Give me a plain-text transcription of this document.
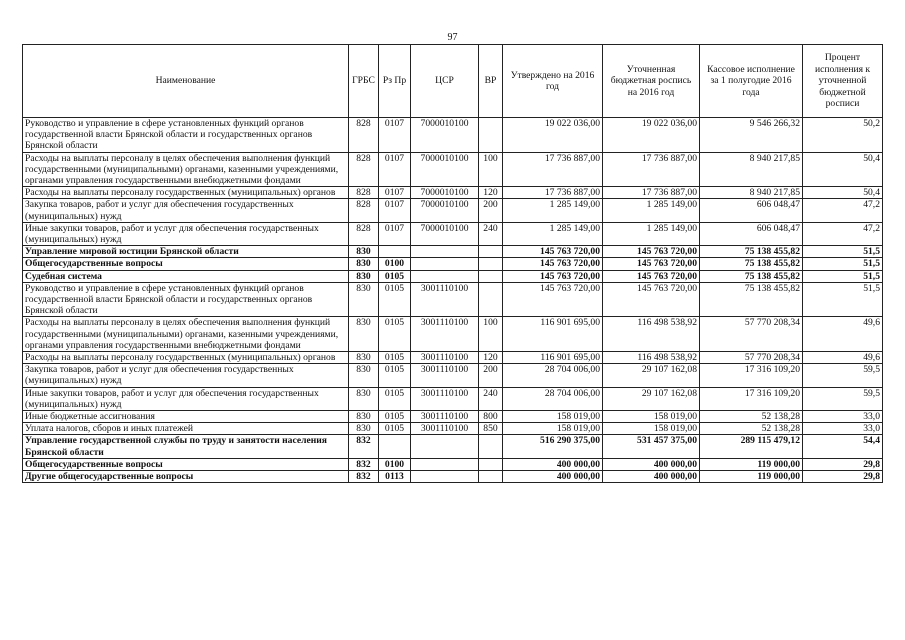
97
Наименование	ГРБС	Рз Пр	ЦСР	ВР	Утверждено на 2016 год	Уточненная бюджетная роспись на 2016 год	Кассовое исполнение за 1 полугодие 2016 года	Процент исполнения к уточненной бюджетной росписи
Руководство и управление в сфере установленных функций органов государственной власти Брянской области и государственных органов Брянской области	828	0107	7000010100		19 022 036,00	19 022 036,00	9 546 266,32	50,2
Расходы на выплаты персоналу в целях обеспечения выполнения функций государственными (муниципальными) органами, казенными учреждениями, органами управления государственными внебюджетными фондами	828	0107	7000010100	100	17 736 887,00	17 736 887,00	8 940 217,85	50,4
Расходы на выплаты персоналу государственных (муниципальных) органов	828	0107	7000010100	120	17 736 887,00	17 736 887,00	8 940 217,85	50,4
Закупка товаров, работ и услуг для обеспечения государственных (муниципальных) нужд	828	0107	7000010100	200	1 285 149,00	1 285 149,00	606 048,47	47,2
Иные закупки товаров, работ и услуг для обеспечения государственных (муниципальных) нужд	828	0107	7000010100	240	1 285 149,00	1 285 149,00	606 048,47	47,2
Управление мировой юстиции Брянской области	830				145 763 720,00	145 763 720,00	75 138 455,82	51,5
Общегосударственные вопросы	830	0100			145 763 720,00	145 763 720,00	75 138 455,82	51,5
Судебная система	830	0105			145 763 720,00	145 763 720,00	75 138 455,82	51,5
Руководство и управление в сфере установленных функций органов государственной власти Брянской области и государственных органов Брянской области	830	0105	3001110100		145 763 720,00	145 763 720,00	75 138 455,82	51,5
Расходы на выплаты персоналу в целях обеспечения выполнения функций государственными (муниципальными) органами, казенными учреждениями, органами управления государственными внебюджетными фондами	830	0105	3001110100	100	116 901 695,00	116 498 538,92	57 770 208,34	49,6
Расходы на выплаты персоналу государственных (муниципальных) органов	830	0105	3001110100	120	116 901 695,00	116 498 538,92	57 770 208,34	49,6
Закупка товаров, работ и услуг для обеспечения государственных (муниципальных) нужд	830	0105	3001110100	200	28 704 006,00	29 107 162,08	17 316 109,20	59,5
Иные закупки товаров, работ и услуг для обеспечения государственных (муниципальных) нужд	830	0105	3001110100	240	28 704 006,00	29 107 162,08	17 316 109,20	59,5
Иные бюджетные ассигнования	830	0105	3001110100	800	158 019,00	158 019,00	52 138,28	33,0
Уплата налогов, сборов и иных платежей	830	0105	3001110100	850	158 019,00	158 019,00	52 138,28	33,0
Управление государственной службы по труду и занятости населения Брянской области	832				516 290 375,00	531 457 375,00	289 115 479,12	54,4
Общегосударственные вопросы	832	0100			400 000,00	400 000,00	119 000,00	29,8
Другие общегосударственные вопросы	832	0113			400 000,00	400 000,00	119 000,00	29,8
